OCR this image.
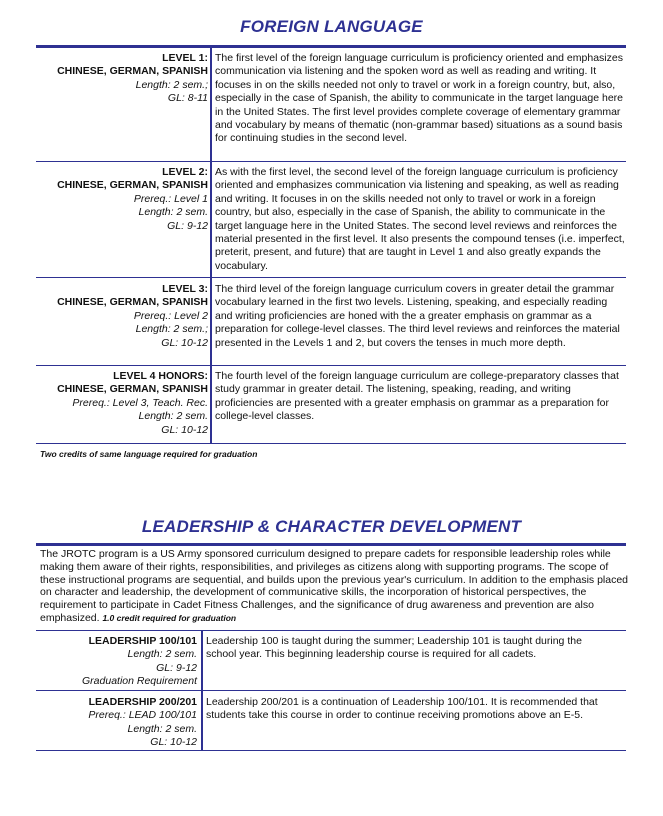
FOREIGN LANGUAGE
LEVEL 1:
CHINESE, GERMAN, SPANISH
Length: 2 sem.;
GL: 8-11
The first level of the foreign language curriculum is proficiency oriented and emphasizes communication via listening and the spoken word as well as reading and writing. It focuses in on the skills needed not only to travel or work in a foreign country, but, also, especially in the case of Spanish, the ability to communicate in the target language here in the United States. The first level provides complete coverage of elementary grammar and vocabulary by means of thematic (non-grammar based) situations as a sound basis for continuing studies in the second level.
LEVEL 2:
CHINESE, GERMAN, SPANISH
Prereq.: Level 1
Length: 2 sem.
GL: 9-12
As with the first level, the second level of the foreign language curriculum is proficiency oriented and emphasizes communication via listening and speaking, as well as reading and writing. It focuses in on the skills needed not only to travel or work in a foreign country, but also, especially in the case of Spanish, the ability to communicate in the target language here in the United States. The second level reviews and reinforces the material presented in the first level. It also presents the compound tenses (i.e. imperfect, preterit, present, and future) that are taught in Level 1 and also greatly expands the vocabulary.
LEVEL 3:
CHINESE, GERMAN, SPANISH
Prereq.: Level 2
Length: 2 sem.;
GL: 10-12
The third level of the foreign language curriculum covers in greater detail the grammar vocabulary learned in the first two levels. Listening, speaking, and especially reading and writing proficiencies are honed with the a greater emphasis on grammar as a preparation for college-level classes. The third level reviews and reinforces the material presented in the Levels 1 and 2, but covers the tenses in much more depth.
LEVEL 4 HONORS:
CHINESE, GERMAN, SPANISH
Prereq.: Level 3, Teach. Rec.
Length: 2 sem.
GL: 10-12
The fourth level of the foreign language curriculum are college-preparatory classes that study grammar in greater detail. The listening, speaking, reading, and writing proficiencies are presented with a greater emphasis on grammar as a preparation for college-level classes.
Two credits of same language required for graduation
LEADERSHIP & CHARACTER DEVELOPMENT
The JROTC program is a US Army sponsored curriculum designed to prepare cadets for responsible leadership roles while making them aware of their rights, responsibilities, and privileges as citizens along with supporting programs. The scope of these instructional programs are sequential, and builds upon the previous year's curriculum. In addition to the emphasis placed on character and leadership, the development of communicative skills, the incorporation of historical perspectives, the requirement to participate in Cadet Fitness Challenges, and the significance of drug awareness and prevention are also emphasized. 1.0 credit required for graduation
LEADERSHIP 100/101
Length: 2 sem.
GL: 9-12
Graduation Requirement
Leadership 100 is taught during the summer; Leadership 101 is taught during the school year. This beginning leadership course is required for all cadets.
LEADERSHIP 200/201
Prereq.: LEAD 100/101
Length: 2 sem.
GL: 10-12
Leadership 200/201 is a continuation of Leadership 100/101. It is recommended that students take this course in order to continue receiving promotions above an E-5.
